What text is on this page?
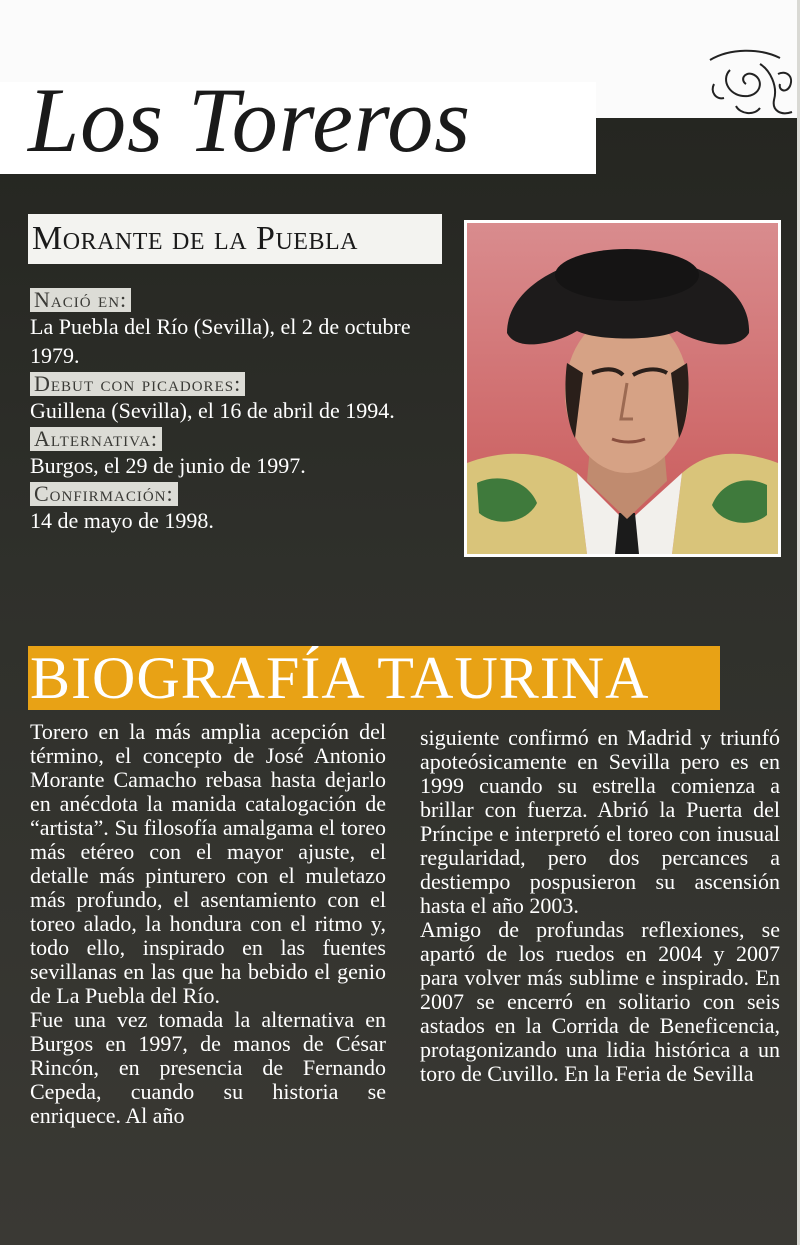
Los Toreros
Morante de la Puebla
Nació en:

La Puebla del Río (Sevilla), el 2 de octubre 1979.

Debut con picadores:

Guillena (Sevilla), el 16 de abril de 1994.

Alternativa:

Burgos, el 29 de junio de 1997.

Confirmación:

14 de mayo de 1998.

BIOGRAFÍA TAURINA

Torero en la más amplia acepción del término, el concepto de José Antonio Morante Camacho rebasa hasta dejarlo en anécdota la manida catalogación de “artista”. Su filosofía amalgama el toreo más etéreo con el mayor ajuste, el detalle más pinturero con el muletazo más profundo, el asentamiento con el toreo alado, la hondura con el ritmo y, todo ello, inspirado en las fuentes sevillanas en las que ha bebido el genio de La Puebla del Río.

Fue una vez tomada la alternativa en Burgos en 1997, de manos de César Rincón, en presencia de Fernando Cepeda, cuando su historia se enriquece. Al año

siguiente confirmó en Madrid y triunfó apoteósicamente en Sevilla pero es en 1999 cuando su estrella comienza a brillar con fuerza. Abrió la Puerta del Príncipe e interpretó el toreo con inusual regularidad, pero dos percances a destiempo pospusieron su ascensión hasta el año 2003.

Amigo de profundas reflexiones, se apartó de los ruedos en 2004 y 2007 para volver más sublime e inspirado. En 2007 se encerró en solitario con seis astados en la Corrida de Beneficencia, protagonizando una lidia histórica a un toro de Cuvillo. En la Feria de Sevilla
